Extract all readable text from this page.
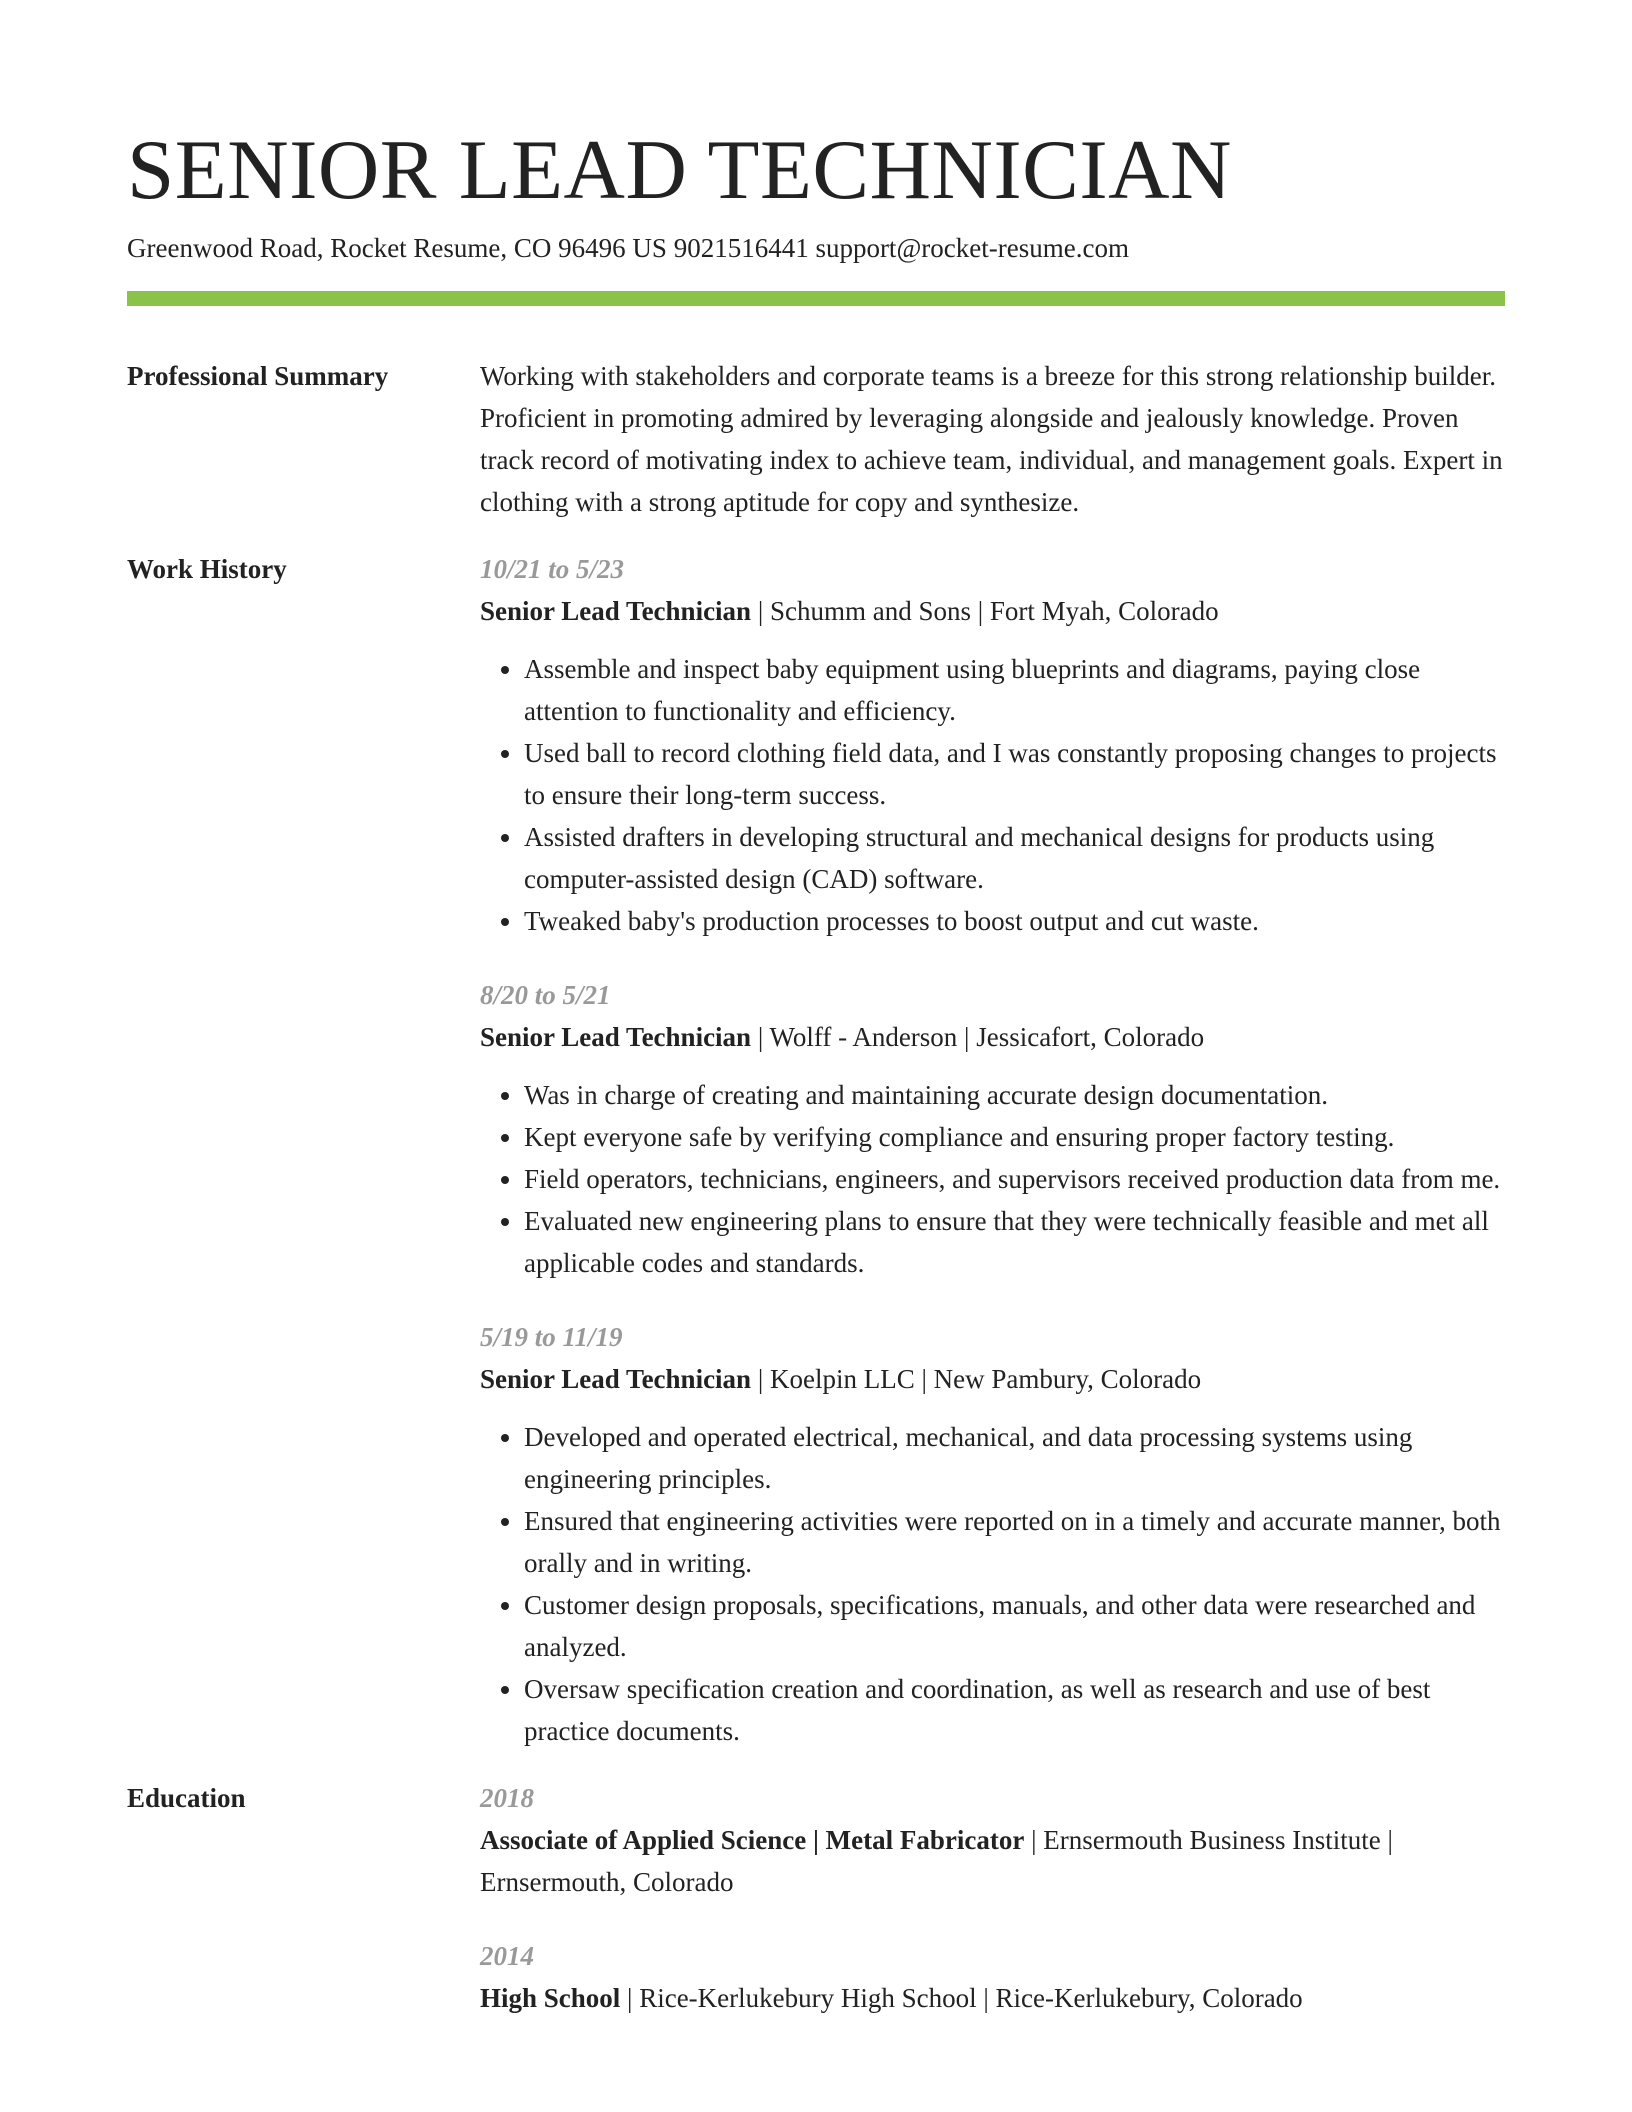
SENIOR LEAD TECHNICIAN
Greenwood Road, Rocket Resume, CO 96496 US 9021516441 support@rocket-resume.com
Professional Summary	Working with stakeholders and corporate teams is a breeze for this strong relationship builder. Proficient in promoting admired by leveraging alongside and jealously knowledge. Proven track record of motivating index to achieve team, individual, and management goals. Expert in clothing with a strong aptitude for copy and synthesize.

Work History	10/21 to 5/23

Senior Lead Technician | Schumm and Sons | Fort Myah, Colorado

• Assemble and inspect baby equipment using blueprints and diagrams, paying close attention to functionality and efficiency.
• Used ball to record clothing field data, and I was constantly proposing changes to projects to ensure their long-term success.
• Assisted drafters in developing structural and mechanical designs for products using computer-assisted design (CAD) software.
• Tweaked baby's production processes to boost output and cut waste.
8/20 to 5/21

Senior Lead Technician | Wolff - Anderson | Jessicafort, Colorado

• Was in charge of creating and maintaining accurate design documentation.
• Kept everyone safe by verifying compliance and ensuring proper factory testing.
• Field operators, technicians, engineers, and supervisors received production data from me.
• Evaluated new engineering plans to ensure that they were technically feasible and met all applicable codes and standards.
5/19 to 11/19

Senior Lead Technician | Koelpin LLC | New Pambury, Colorado

• Developed and operated electrical, mechanical, and data processing systems using engineering principles.
• Ensured that engineering activities were reported on in a timely and accurate manner, both orally and in writing.
• Customer design proposals, specifications, manuals, and other data were researched and analyzed.
• Oversaw specification creation and coordination, as well as research and use of best practice documents.
Education	2018

Associate of Applied Science | Metal Fabricator | Ernsermouth Business Institute | Ernsermouth, Colorado

2014

High School | Rice-Kerlukebury High School | Rice-Kerlukebury, Colorado
